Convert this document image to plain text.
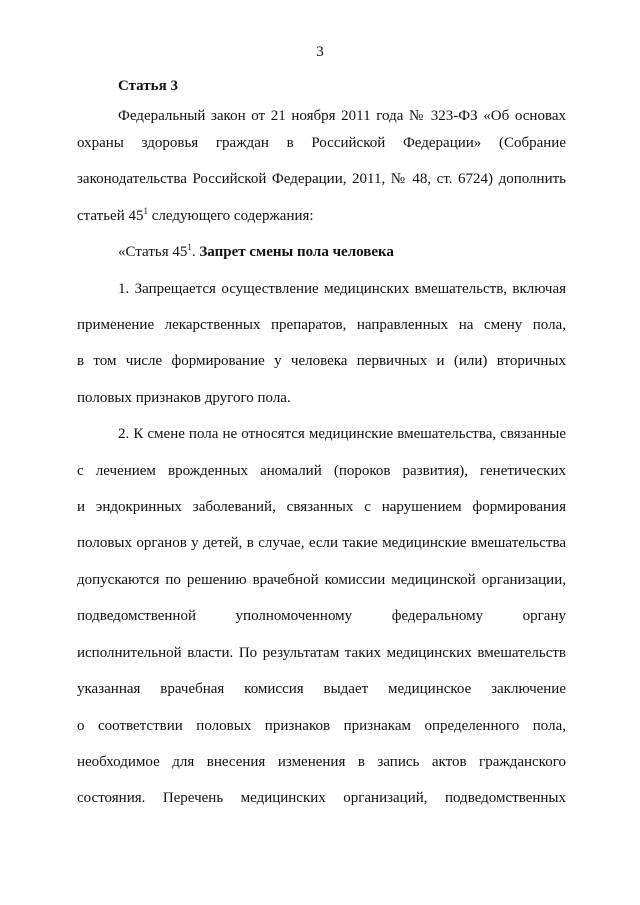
3
Статья 3
Федеральный закон от 21 ноября 2011 года № 323-ФЗ «Об основах
охраны здоровья граждан в Российской Федерации» (Собрание
законодательства Российской Федерации, 2011, № 48, ст. 6724) дополнить
статьей $45^1$ следующего содержания:
«Статья $45^1$. Запрет смены пола человека
1. Запрещается осуществление медицинских вмешательств, включая
применение лекарственных препаратов, направленных на смену пола,
в том числе формирование у человека первичных и (или) вторичных
половых признаков другого пола.
2. К смене пола не относятся медицинские вмешательства, связанные
с лечением врожденных аномалий (пороков развития), генетических
и эндокринных заболеваний, связанных с нарушением формирования
половых органов у детей, в случае, если такие медицинские вмешательства
допускаются по решению врачебной комиссии медицинской организации,
подведомственной	уполномоченному	федеральному	органу
исполнительной власти. По результатам таких медицинских вмешательств
указанная врачебная комиссия выдает медицинское заключение
о соответствии половых признаков признакам определенного пола,
необходимое для внесения изменения в запись актов гражданского
состояния. Перечень медицинских организаций, подведомственных
